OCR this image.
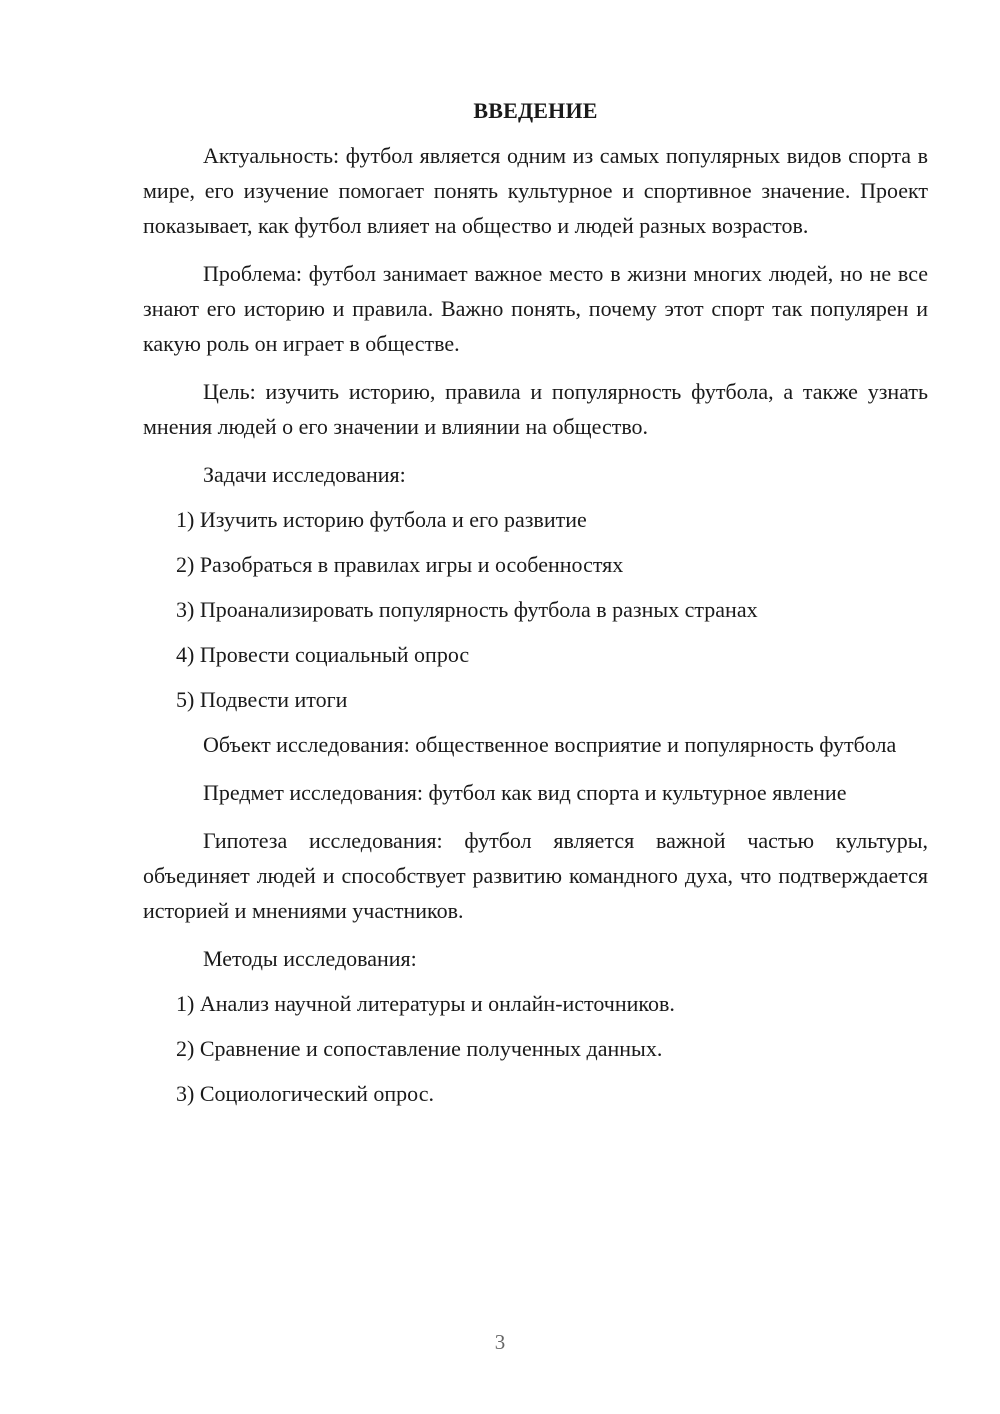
ВВЕДЕНИЕ

Актуальность: футбол является одним из самых популярных видов спорта в мире, его изучение помогает понять культурное и спортивное значение. Проект показывает, как футбол влияет на общество и людей разных возрастов.

Проблема: футбол занимает важное место в жизни многих людей, но не все знают его историю и правила. Важно понять, почему этот спорт так популярен и какую роль он играет в обществе.

Цель: изучить историю, правила и популярность футбола, а также узнать мнения людей о его значении и влиянии на общество.

Задачи исследования:

1) Изучить историю футбола и его развитие
2) Разобраться в правилах игры и особенностях
3) Проанализировать популярность футбола в разных странах
4) Провести социальный опрос
5) Подвести итоги

Объект исследования: общественное восприятие и популярность футбола

Предмет исследования: футбол как вид спорта и культурное явление

Гипотеза исследования: футбол является важной частью культуры, объединяет людей и способствует развитию командного духа, что подтверждается историей и мнениями участников.

Методы исследования:

1) Анализ научной литературы и онлайн-источников.
2) Сравнение и сопоставление полученных данных.
3) Социологический опрос.
3
